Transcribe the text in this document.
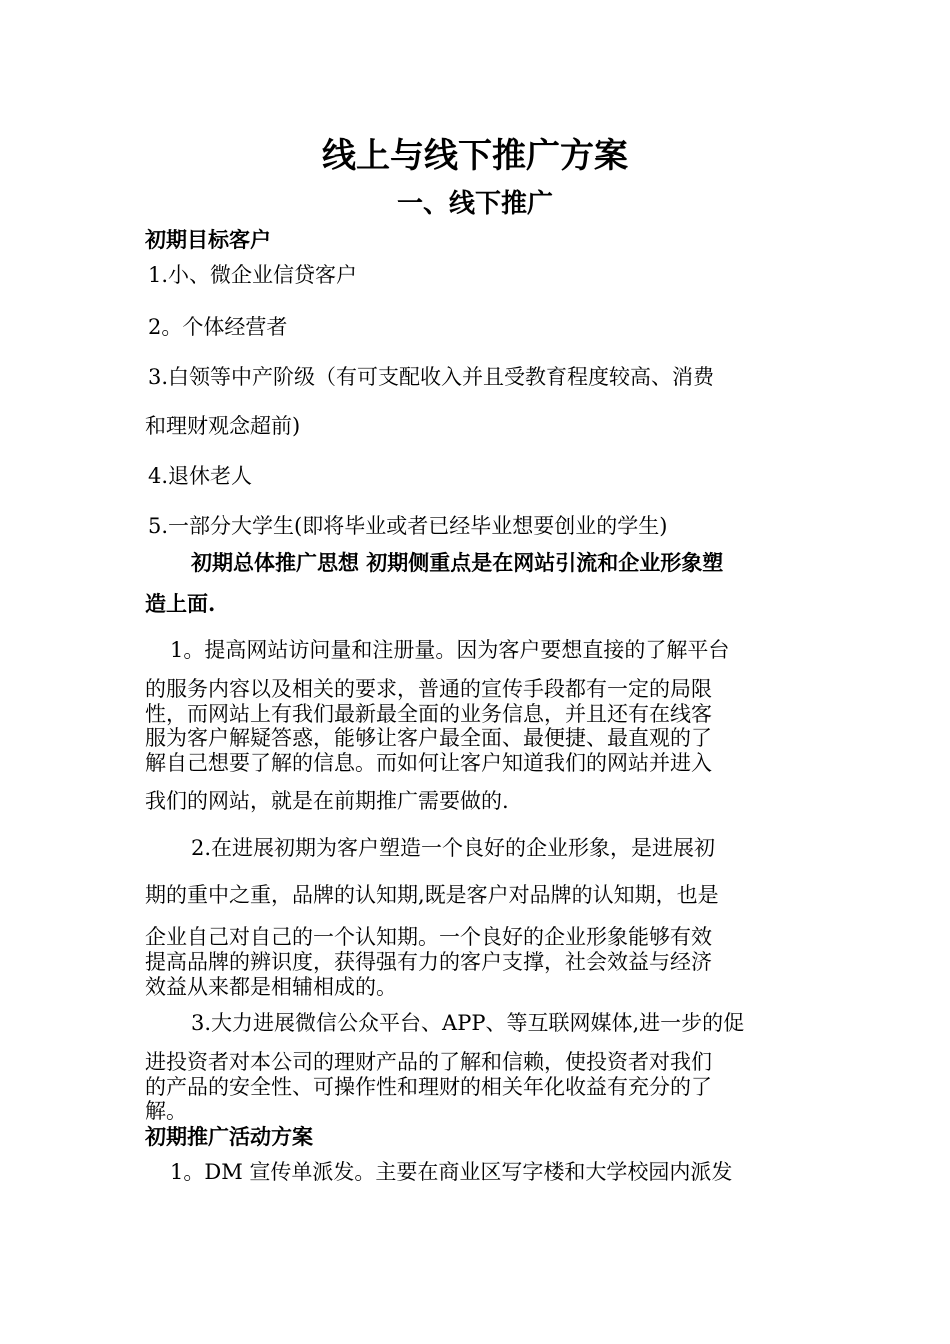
线上与线下推广方案
一、线下推广
初期目标客户
1.小、微企业信贷客户
2。个体经营者
3.白领等中产阶级（有可支配收入并且受教育程度较高、消费
和理财观念超前)
4.退休老人
5.一部分大学生(即将毕业或者已经毕业想要创业的学生)
初期总体推广思想 初期侧重点是在网站引流和企业形象塑
造上面.
1。提高网站访问量和注册量。因为客户要想直接的了解平台
的服务内容以及相关的要求，普通的宣传手段都有一定的局限
性，而网站上有我们最新最全面的业务信息，并且还有在线客
服为客户解疑答惑，能够让客户最全面、最便捷、最直观的了
解自己想要了解的信息。而如何让客户知道我们的网站并进入
我们的网站，就是在前期推广需要做的.
2.在进展初期为客户塑造一个良好的企业形象，是进展初
期的重中之重，品牌的认知期,既是客户对品牌的认知期，也是
企业自己对自己的一个认知期。一个良好的企业形象能够有效
提高品牌的辨识度，获得强有力的客户支撑，社会效益与经济
效益从来都是相辅相成的。
3.大力进展微信公众平台、APP、等互联网媒体,进一步的促
进投资者对本公司的理财产品的了解和信赖，使投资者对我们
的产品的安全性、可操作性和理财的相关年化收益有充分的了
解。
初期推广活动方案
1。DM 宣传单派发。主要在商业区写字楼和大学校园内派发
